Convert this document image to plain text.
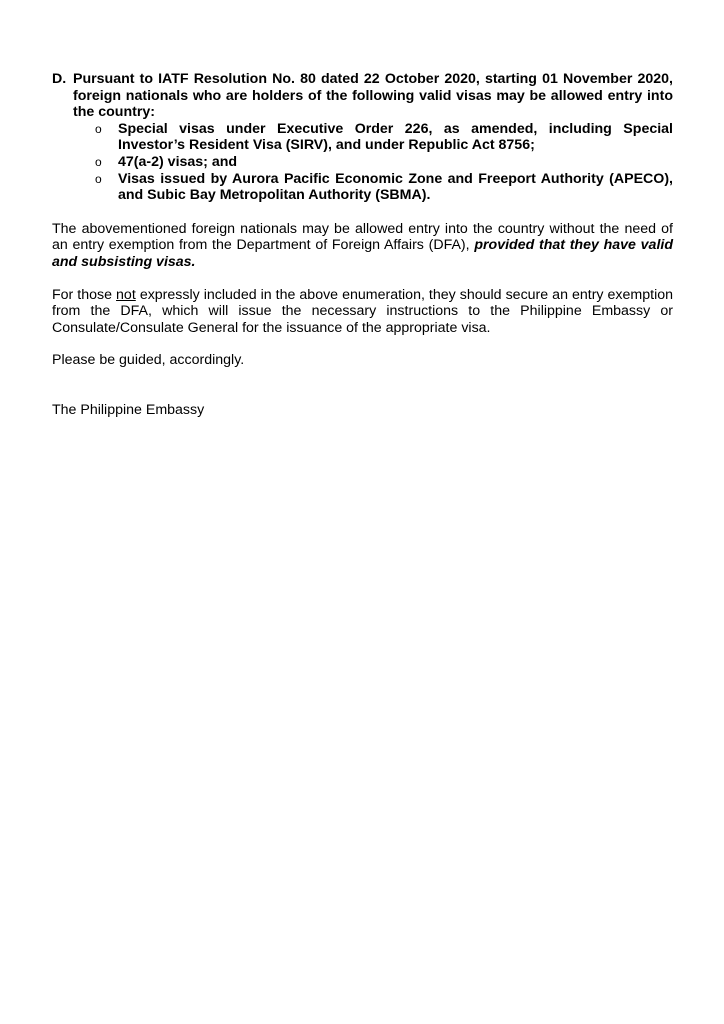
D. Pursuant to IATF Resolution No. 80 dated 22 October 2020, starting 01 November 2020, foreign nationals who are holders of the following valid visas may be allowed entry into the country:
o	Special visas under Executive Order 226, as amended, including Special Investor’s Resident Visa (SIRV), and under Republic Act 8756;
o	47(a-2) visas; and
o	Visas issued by Aurora Pacific Economic Zone and Freeport Authority (APECO), and Subic Bay Metropolitan Authority (SBMA).

The abovementioned foreign nationals may be allowed entry into the country without the need of an entry exemption from the Department of Foreign Affairs (DFA), provided that they have valid and subsisting visas.

For those not expressly included in the above enumeration, they should secure an entry exemption from the DFA, which will issue the necessary instructions to the Philippine Embassy or Consulate/Consulate General for the issuance of the appropriate visa.

Please be guided, accordingly.

The Philippine Embassy
